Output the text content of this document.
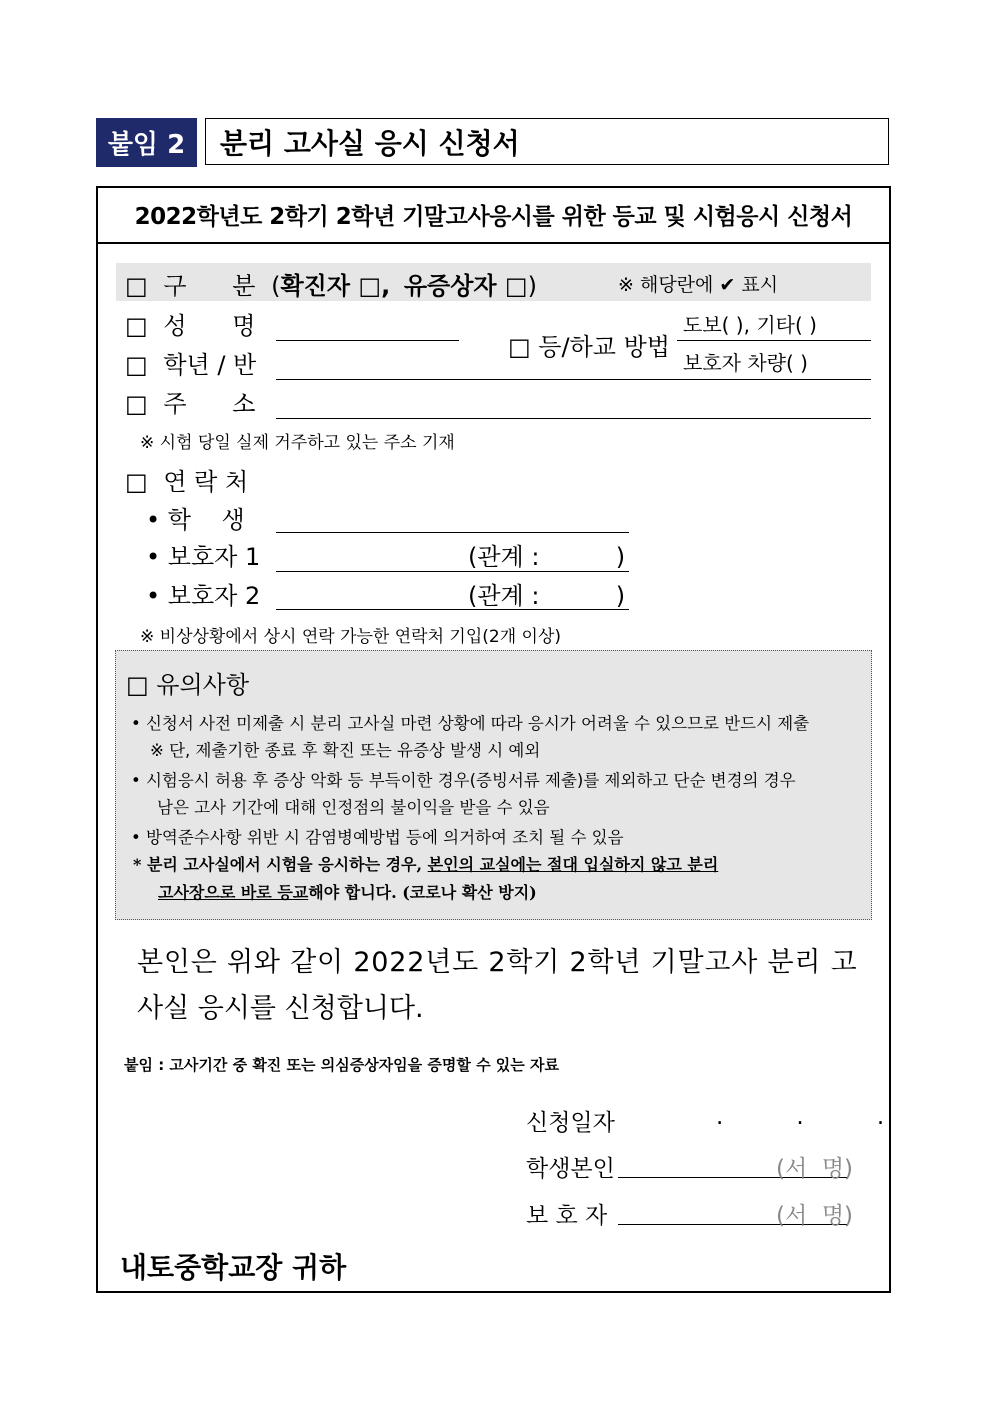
붙임 2	분리 고사실 응시 신청서
2022학년도 2학기 2학년 기말고사응시를 위한 등교 및 시험응시 신청서
□ 구      분 (확진자 □, 유증상자 □)	※ 해당란에 ✔ 표시
□ 성      명
□ 등/하교 방법
도보( ), 기타( )
보호자 차량( )
□ 학년 / 반
□ 주      소
※ 시험 당일 실제 거주하고 있는 주소 기재
□ 연 락 처
• 학    생
• 보호자 1	(관계 :          )
• 보호자 2	(관계 :          )
※ 비상상황에서 상시 연락 가능한 연락처 기입(2개 이상)
□ 유의사항
• 신청서 사전 미제출 시 분리 고사실 마련 상황에 따라 응시가 어려울 수 있으므로 반드시 제출
※ 단, 제출기한 종료 후 확진 또는 유증상 발생 시 예외
• 시험응시 허용 후 증상 악화 등 부득이한 경우(증빙서류 제출)를 제외하고 단순 변경의 경우
남은 고사 기간에 대해 인정점의 불이익을 받을 수 있음
• 방역준수사항 위반 시 감염병예방법 등에 의거하여 조치 될 수 있음
* 분리 고사실에서 시험을 응시하는 경우, 본인의 교실에는 절대 입실하지 않고 분리
고사장으로 바로 등교해야 합니다. (코로나 확산 방지)
본인은 위와 같이 2022년도 2학기 2학년 기말고사 분리 고
사실 응시를 신청합니다.
붙임 : 고사기간 중 확진 또는 의심증상자임을 증명할 수 있는 자료
신청일자	.          .          .
학생본인	(서  명)
보 호 자	(서  명)
내토중학교장 귀하
